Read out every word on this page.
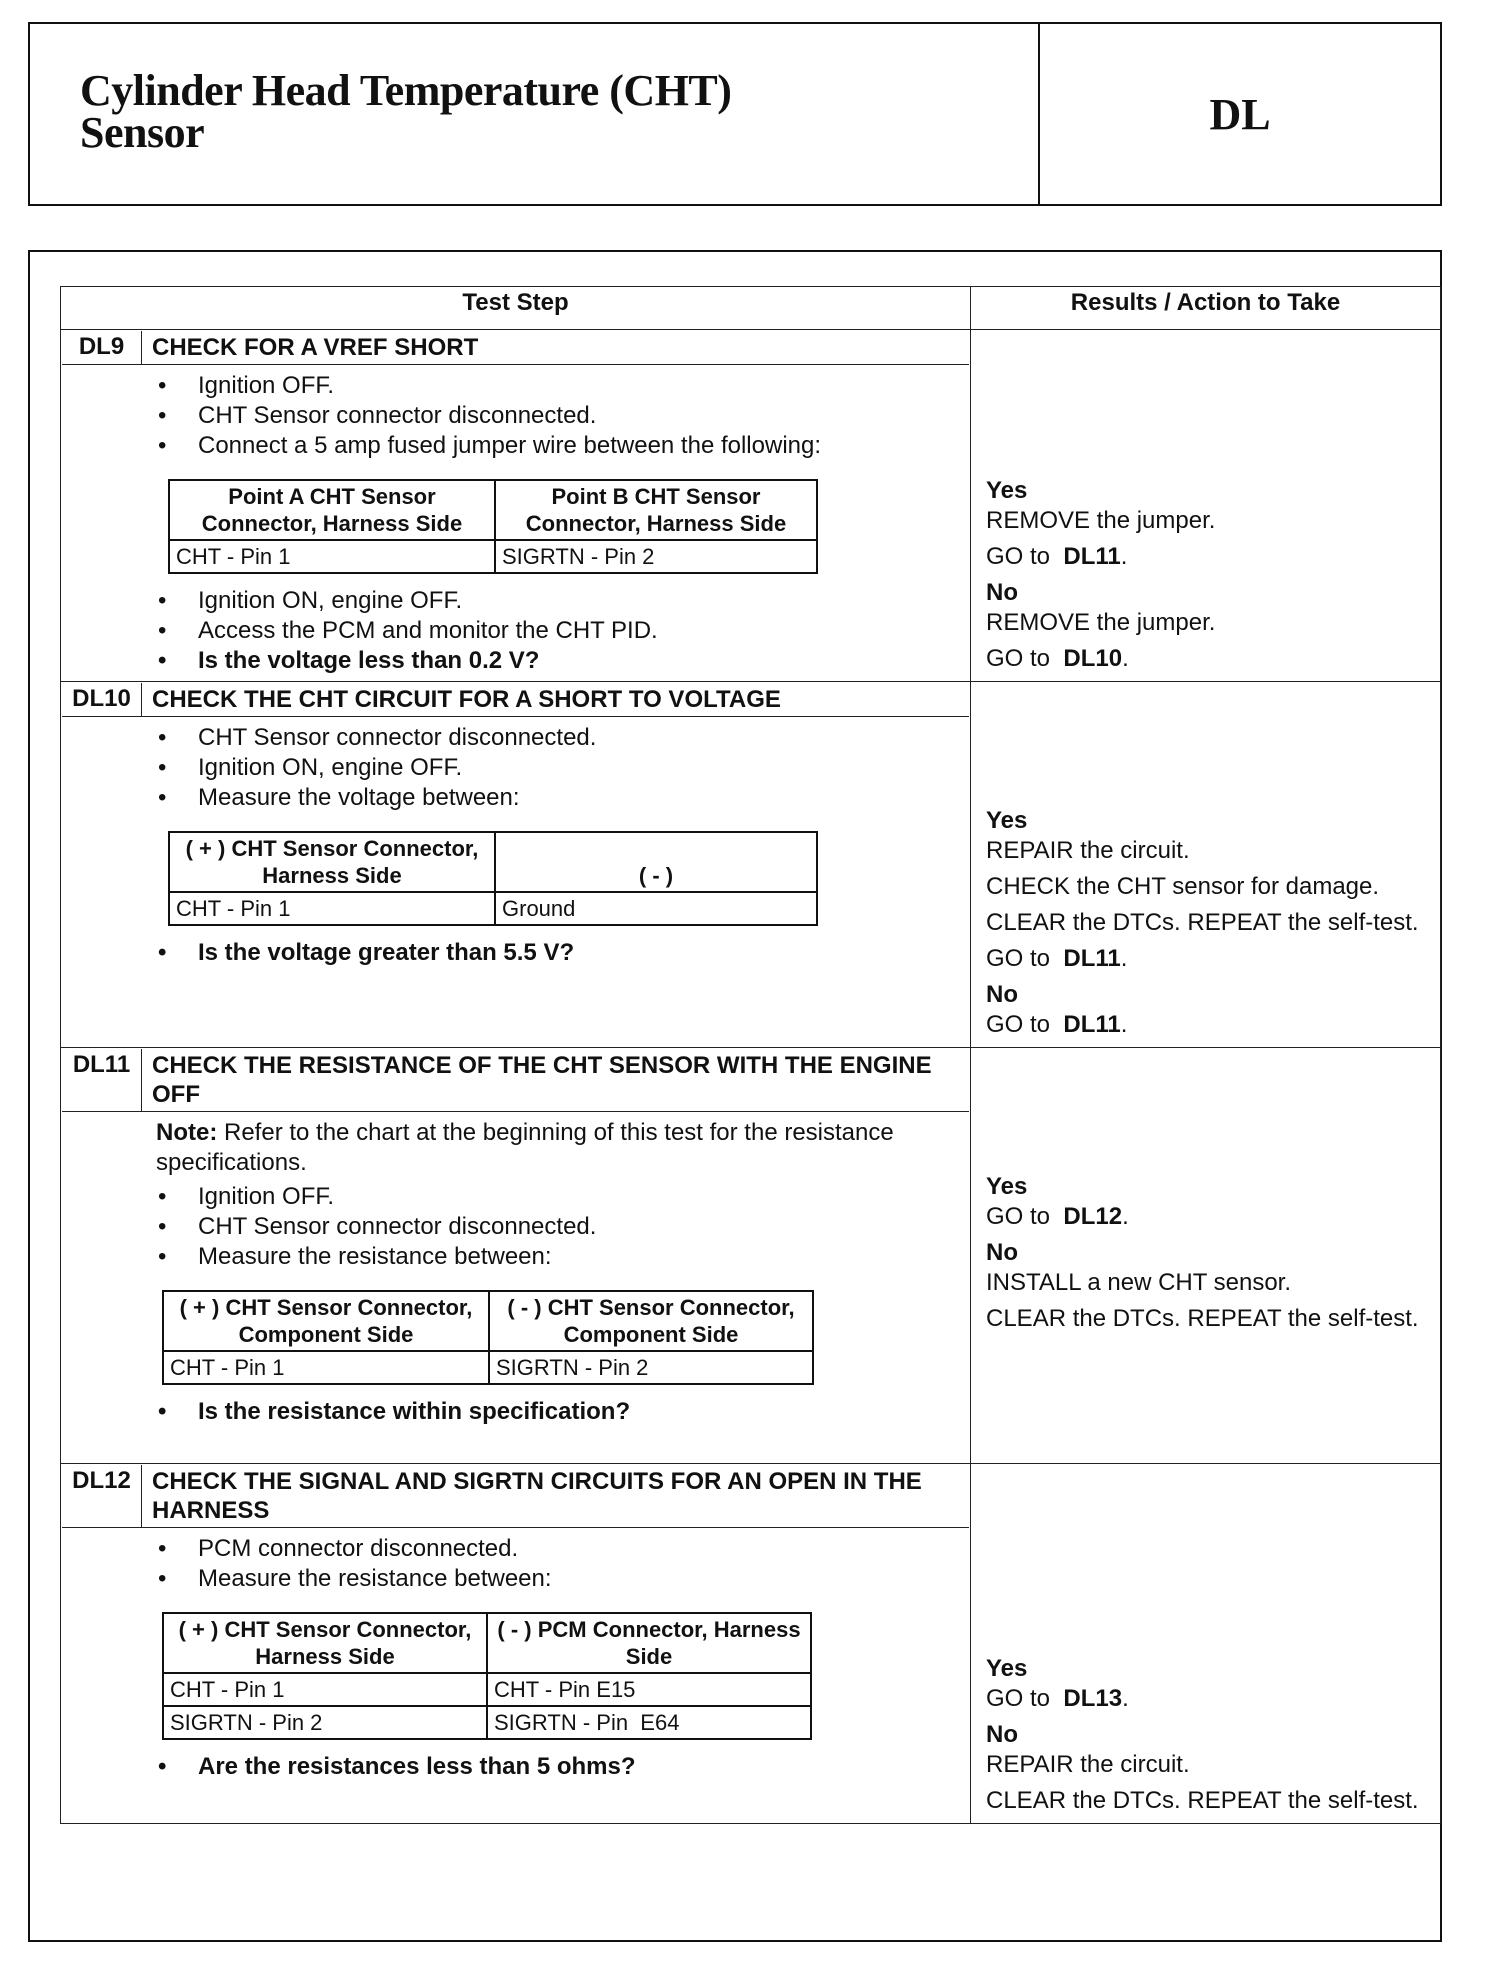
Cylinder Head Temperature (CHT)
Sensor	DL
Test Step	Results / Action to Take

DL9	CHECK FOR A VREF SHORT
• Ignition OFF.
• CHT Sensor connector disconnected.
• Connect a 5 amp fused jumper wire between the following:
Point A CHT Sensor Connector, Harness Side	Point B CHT Sensor Connector, Harness Side
CHT - Pin 1	SIGRTN - Pin 2
• Ignition ON, engine OFF.
• Access the PCM and monitor the CHT PID.
• Is the voltage less than 0.2 V?

Yes
REMOVE the jumper.
GO to DL11.
No
REMOVE the jumper.
GO to DL10.

DL10 CHECK THE CHT CIRCUIT FOR A SHORT TO VOLTAGE
• CHT Sensor connector disconnected.
• Ignition ON, engine OFF.
• Measure the voltage between:
( + ) CHT Sensor Connector, Harness Side	( - )
CHT - Pin 1	Ground
• Is the voltage greater than 5.5 V?

Yes
REPAIR the circuit.
CHECK the CHT sensor for damage.
CLEAR the DTCs. REPEAT the self-test.
GO to DL11.
No
GO to DL11.

DL11 CHECK THE RESISTANCE OF THE CHT SENSOR WITH THE ENGINE OFF
Note: Refer to the chart at the beginning of this test for the resistance specifications.
• Ignition OFF.
• CHT Sensor connector disconnected.
• Measure the resistance between:
( + ) CHT Sensor Connector, Component Side	( - ) CHT Sensor Connector, Component Side
CHT - Pin 1	SIGRTN - Pin 2
• Is the resistance within specification?

Yes
GO to DL12.
No
INSTALL a new CHT sensor.
CLEAR the DTCs. REPEAT the self-test.

DL12 CHECK THE SIGNAL AND SIGRTN CIRCUITS FOR AN OPEN IN THE HARNESS
• PCM connector disconnected.
• Measure the resistance between:
( + ) CHT Sensor Connector, Harness Side	( - ) PCM Connector, Harness Side
CHT - Pin 1	CHT - Pin E15
SIGRTN - Pin 2	SIGRTN - Pin  E64
• Are the resistances less than 5 ohms?

Yes
GO to DL13.
No
REPAIR the circuit.
CLEAR the DTCs. REPEAT the self-test.
